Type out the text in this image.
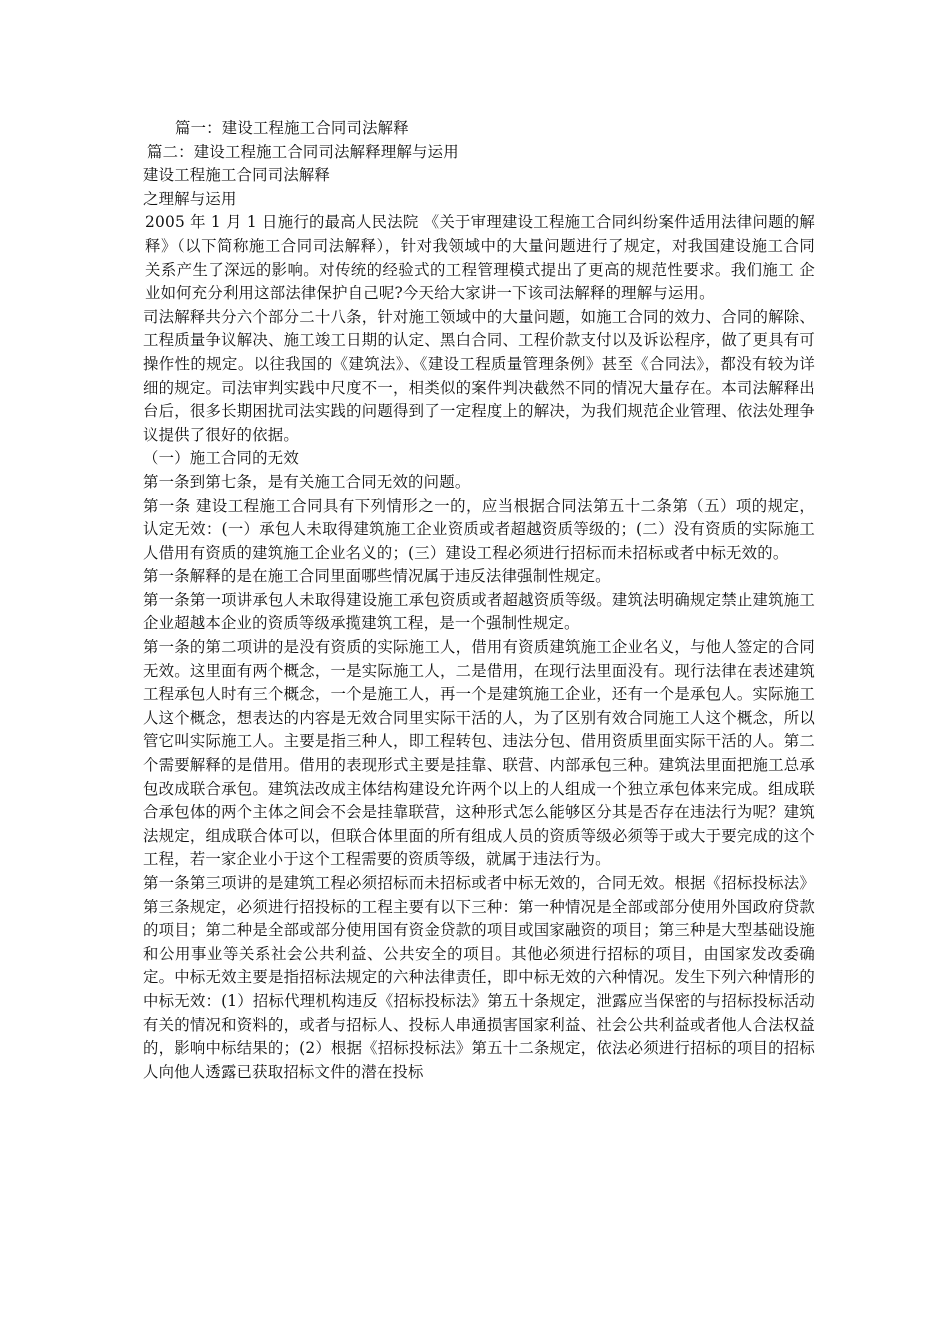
篇一：建设工程施工合同司法解释
篇二：建设工程施工合同司法解释理解与运用
建设工程施工合同司法解释
之理解与运用
2005 年 1 月 1 日施行的最高人民法院 《关于审理建设工程施工合同纠纷案件适用法律问题的解释》（以下简称施工合同司法解释），针对我领域中的大量问题进行了规定，对我国建设施工合同关系产生了深远的影响。对传统的经验式的工程管理模式提出了更高的规范性要求。我们施工 企业如何充分利用这部法律保护自己呢?今天给大家讲一下该司法解释的理解与运用。
司法解释共分六个部分二十八条，针对施工领域中的大量问题，如施工合同的效力、合同的解除、工程质量争议解决、施工竣工日期的认定、黑白合同、工程价款支付以及诉讼程序，做了更具有可操作性的规定。以往我国的《建筑法》、《建设工程质量管理条例》甚至《合同法》，都没有较为详细的规定。司法审判实践中尺度不一，相类似的案件判决截然不同的情况大量存在。本司法解释出台后，很多长期困扰司法实践的问题得到了一定程度上的解决，为我们规范企业管理、依法处理争议提供了很好的依据。
（一）施工合同的无效
第一条到第七条，是有关施工合同无效的问题。
第一条 建设工程施工合同具有下列情形之一的，应当根据合同法第五十二条第（五）项的规定，认定无效：(一）承包人未取得建筑施工企业资质或者超越资质等级的；(二）没有资质的实际施工人借用有资质的建筑施工企业名义的；(三）建设工程必须进行招标而未招标或者中标无效的。
第一条解释的是在施工合同里面哪些情况属于违反法律强制性规定。
第一条第一项讲承包人未取得建设施工承包资质或者超越资质等级。建筑法明确规定禁止建筑施工企业超越本企业的资质等级承揽建筑工程，是一个强制性规定。
第一条的第二项讲的是没有资质的实际施工人，借用有资质建筑施工企业名义，与他人签定的合同无效。这里面有两个概念，一是实际施工人，二是借用，在现行法里面没有。现行法律在表述建筑工程承包人时有三个概念，一个是施工人，再一个是建筑施工企业，还有一个是承包人。实际施工人这个概念，想表达的内容是无效合同里实际干活的人，为了区别有效合同施工人这个概念，所以管它叫实际施工人。主要是指三种人，即工程转包、违法分包、借用资质里面实际干活的人。第二个需要解释的是借用。借用的表现形式主要是挂靠、联营、内部承包三种。建筑法里面把施工总承包改成联合承包。建筑法改成主体结构建设允许两个以上的人组成一个独立承包体来完成。组成联合承包体的两个主体之间会不会是挂靠联营，这种形式怎么能够区分其是否存在违法行为呢？建筑法规定，组成联合体可以，但联合体里面的所有组成人员的资质等级必须等于或大于要完成的这个工程，若一家企业小于这个工程需要的资质等级，就属于违法行为。
第一条第三项讲的是建筑工程必须招标而未招标或者中标无效的，合同无效。根据《招标投标法》第三条规定，必须进行招投标的工程主要有以下三种：第一种情况是全部或部分使用外国政府贷款的项目；第二种是全部或部分使用国有资金贷款的项目或国家融资的项目；第三种是大型基础设施和公用事业等关系社会公共利益、公共安全的项目。其他必须进行招标的项目，由国家发改委确定。中标无效主要是指招标法规定的六种法律责任，即中标无效的六种情况。发生下列六种情形的中标无效：(1）招标代理机构违反《招标投标法》第五十条规定，泄露应当保密的与招标投标活动有关的情况和资料的，或者与招标人、投标人串通损害国家利益、社会公共利益或者他人合法权益的，影响中标结果的；(2）根据《招标投标法》第五十二条规定，依法必须进行招标的项目的招标人向他人透露已获取招标文件的潜在投标
